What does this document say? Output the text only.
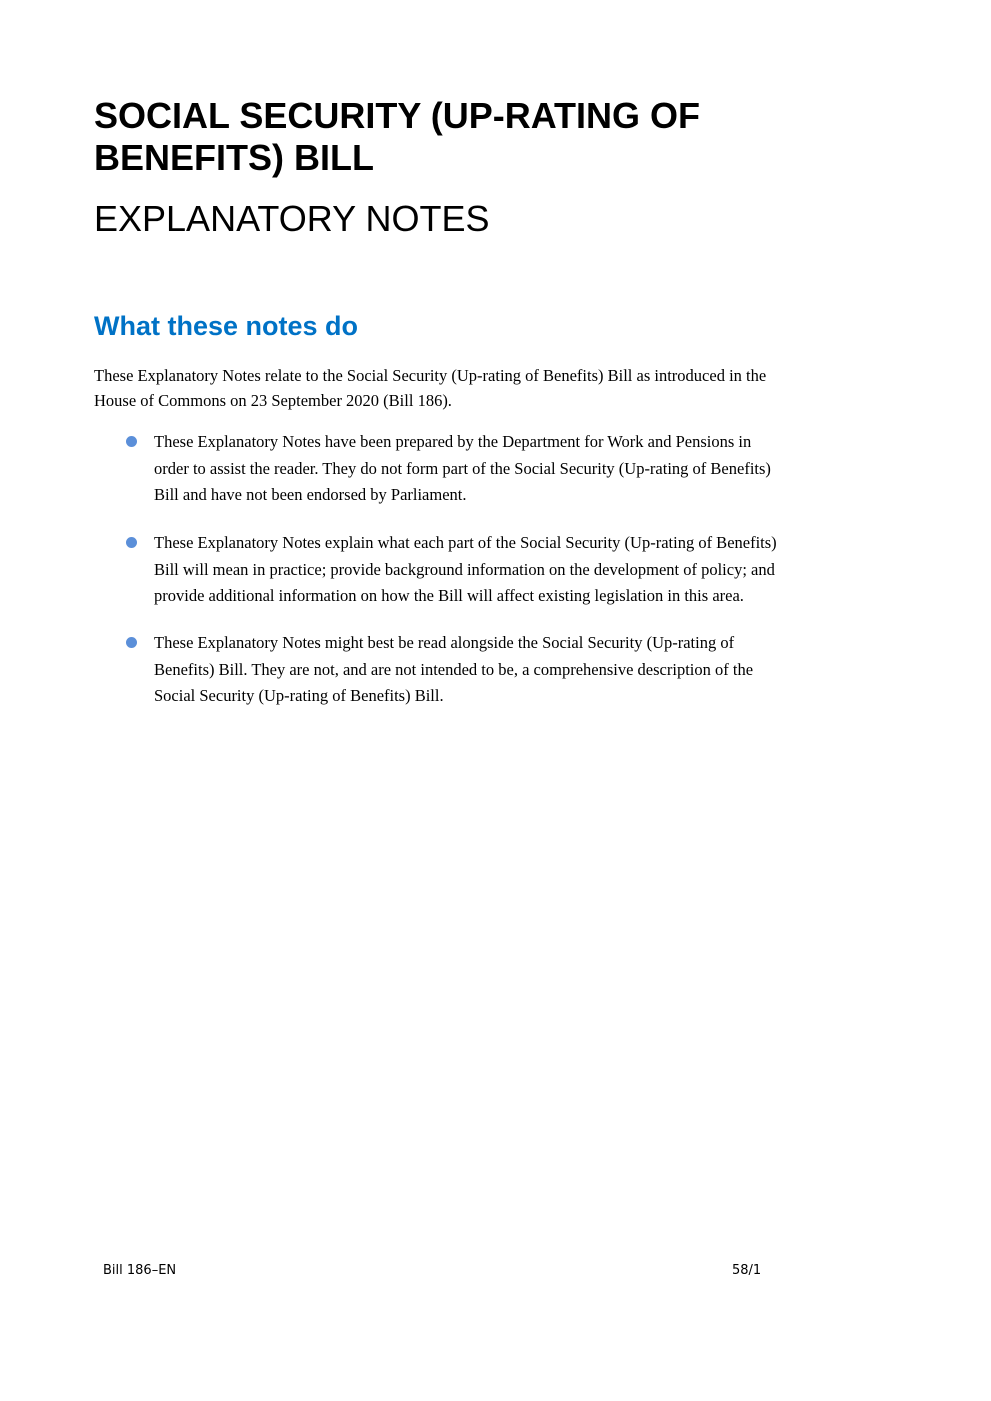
SOCIAL SECURITY (UP-RATING OF
BENEFITS) BILL
EXPLANATORY NOTES
What these notes do

These Explanatory Notes relate to the Social Security (Up-rating of Benefits) Bill as introduced in the
House of Commons on 23 September 2020 (Bill 186).

These Explanatory Notes have been prepared by the Department for Work and Pensions in
order to assist the reader. They do not form part of the Social Security (Up-rating of Benefits)
Bill and have not been endorsed by Parliament.
These Explanatory Notes explain what each part of the Social Security (Up-rating of Benefits)
Bill will mean in practice; provide background information on the development of policy; and
provide additional information on how the Bill will affect existing legislation in this area.
These Explanatory Notes might best be read alongside the Social Security (Up-rating of
Benefits) Bill. They are not, and are not intended to be, a comprehensive description of the
Social Security (Up-rating of Benefits) Bill.
Bill 186–EN	58/1
